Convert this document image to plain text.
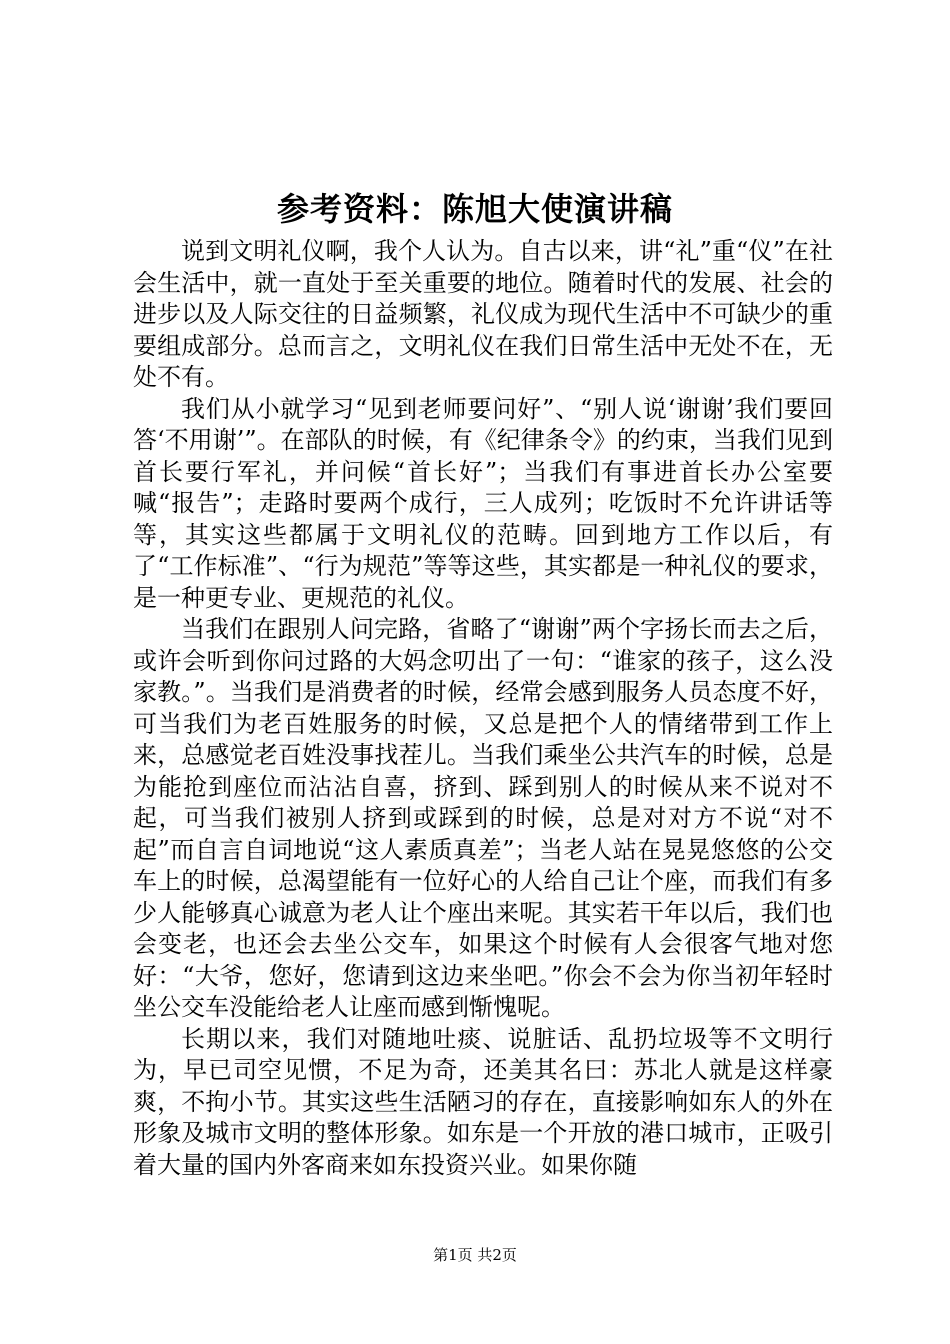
参考资料：陈旭大使演讲稿

说到文明礼仪啊，我个人认为。自古以来，讲“礼”重“仪”在社会生活中，就一直处于至关重要的地位。随着时代的发展、社会的进步以及人际交往的日益频繁，礼仪成为现代生活中不可缺少的重要组成部分。总而言之，文明礼仪在我们日常生活中无处不在，无处不有。

我们从小就学习“见到老师要问好”、“别人说‘谢谢’我们要回答‘不用谢’”。在部队的时候，有《纪律条令》的约束，当我们见到首长要行军礼，并问候“首长好”；当我们有事进首长办公室要喊“报告”；走路时要两个成行，三人成列；吃饭时不允许讲话等等，其实这些都属于文明礼仪的范畴。回到地方工作以后，有了“工作标准”、“行为规范”等等这些，其实都是一种礼仪的要求，是一种更专业、更规范的礼仪。

当我们在跟别人问完路，省略了“谢谢”两个字扬长而去之后，或许会听到你问过路的大妈念叨出了一句：“谁家的孩子，这么没家教。”。当我们是消费者的时候，经常会感到服务人员态度不好，可当我们为老百姓服务的时候，又总是把个人的情绪带到工作上来，总感觉老百姓没事找茬儿。当我们乘坐公共汽车的时候，总是为能抢到座位而沾沾自喜，挤到、踩到别人的时候从来不说对不起，可当我们被别人挤到或踩到的时候，总是对对方不说“对不起”而自言自词地说“这人素质真差”；当老人站在晃晃悠悠的公交车上的时候，总渴望能有一位好心的人给自己让个座，而我们有多少人能够真心诚意为老人让个座出来呢。其实若干年以后，我们也会变老，也还会去坐公交车，如果这个时候有人会很客气地对您好：“大爷，您好，您请到这边来坐吧。”你会不会为你当初年轻时坐公交车没能给老人让座而感到惭愧呢。

长期以来，我们对随地吐痰、说脏话、乱扔垃圾等不文明行为，早已司空见惯，不足为奇，还美其名曰：苏北人就是这样豪爽，不拘小节。其实这些生活陋习的存在，直接影响如东人的外在形象及城市文明的整体形象。如东是一个开放的港口城市，正吸引着大量的国内外客商来如东投资兴业。如果你随

第1页 共2页
